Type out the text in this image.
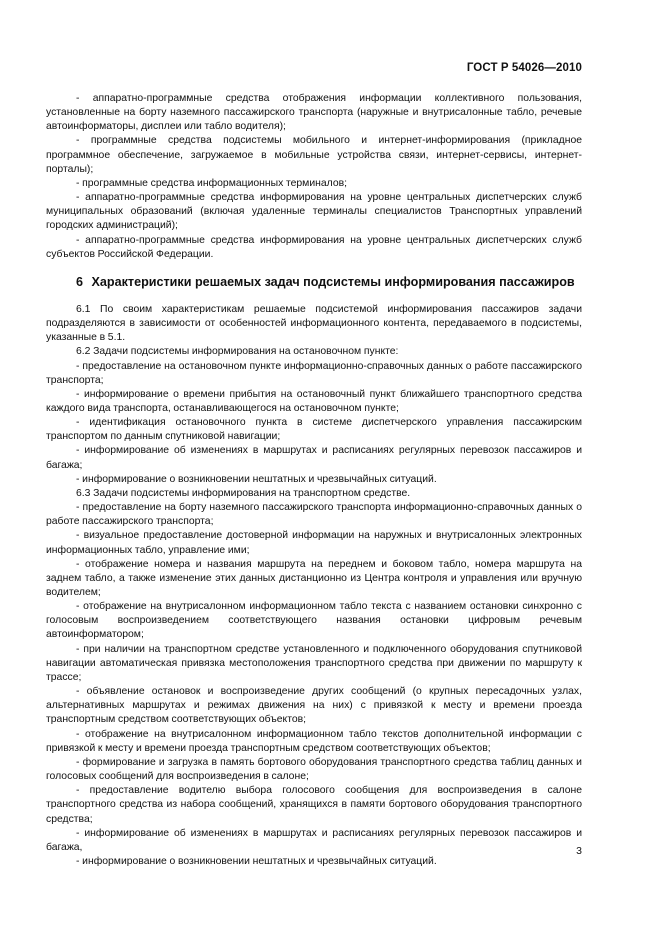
ГОСТ Р 54026—2010

- аппаратно-программные средства отображения информации коллективного пользования, установленные на борту наземного пассажирского транспорта (наружные и внутрисалонные табло, речевые автоинформаторы, дисплеи или табло водителя);

- программные средства подсистемы мобильного и интернет-информирования (прикладное программное обеспечение, загружаемое в мобильные устройства связи, интернет-сервисы, интернет-порталы);

- программные средства информационных терминалов;

- аппаратно-программные средства информирования на уровне центральных диспетчерских служб муниципальных образований (включая удаленные терминалы специалистов Транспортных управлений городских администраций);

- аппаратно-программные средства информирования на уровне центральных диспетчерских служб субъектов Российской Федерации.

6 Характеристики решаемых задач подсистемы информирования пассажиров

6.1 По своим характеристикам решаемые подсистемой информирования пассажиров задачи подразделяются в зависимости от особенностей информационного контента, передаваемого в подсистемы, указанные в 5.1.

6.2 Задачи подсистемы информирования на остановочном пункте:

- предоставление на остановочном пункте информационно-справочных данных о работе пассажирского транспорта;

- информирование о времени прибытия на остановочный пункт ближайшего транспортного средства каждого вида транспорта, останавливающегося на остановочном пункте;

- идентификация остановочного пункта в системе диспетчерского управления пассажирским транспортом по данным спутниковой навигации;

- информирование об изменениях в маршрутах и расписаниях регулярных перевозок пассажиров и багажа;

- информирование о возникновении нештатных и чрезвычайных ситуаций.

6.3 Задачи подсистемы информирования на транспортном средстве.

- предоставление на борту наземного пассажирского транспорта информационно-справочных данных о работе пассажирского транспорта;

- визуальное предоставление достоверной информации на наружных и внутрисалонных электронных информационных табло, управление ими;

- отображение номера и названия маршрута на переднем и боковом табло, номера маршрута на заднем табло, а также изменение этих данных дистанционно из Центра контроля и управления или вручную водителем;

- отображение на внутрисалонном информационном табло текста с названием остановки синхронно с голосовым воспроизведением соответствующего названия остановки цифровым речевым автоинформатором;

- при наличии на транспортном средстве установленного и подключенного оборудования спутниковой навигации автоматическая привязка местоположения транспортного средства при движении по маршруту к трассе;

- объявление остановок и воспроизведение других сообщений (о крупных пересадочных узлах, альтернативных маршрутах и режимах движения на них) с привязкой к месту и времени проезда транспортным средством соответствующих объектов;

- отображение на внутрисалонном информационном табло текстов дополнительной информации с привязкой к месту и времени проезда транспортным средством соответствующих объектов;

- формирование и загрузка в память бортового оборудования транспортного средства таблиц данных и голосовых сообщений для воспроизведения в салоне;

- предоставление водителю выбора голосового сообщения для воспроизведения в салоне транспортного средства из набора сообщений, хранящихся в памяти бортового оборудования транспортного средства;

- информирование об изменениях в маршрутах и расписаниях регулярных перевозок пассажиров и багажа,

- информирование о возникновении нештатных и чрезвычайных ситуаций.

3
